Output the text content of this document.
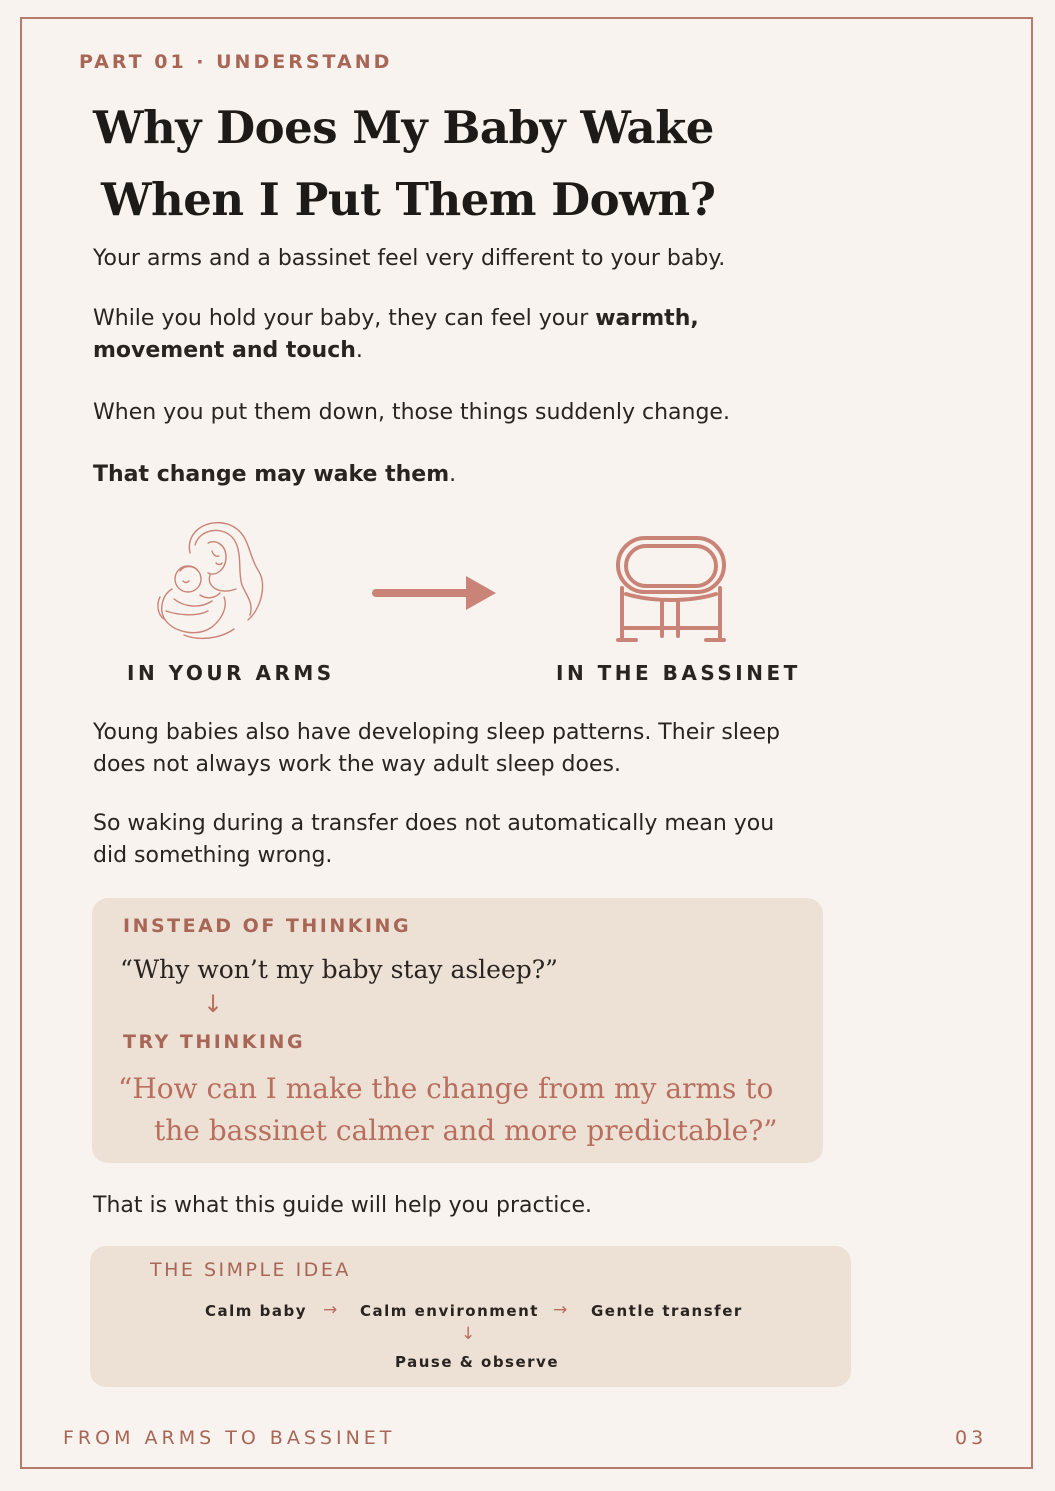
PART 01 · UNDERSTAND

Why Does My Baby Wake
When I Put Them Down?

Your arms and a bassinet feel very different to your baby.

While you hold your baby, they can feel your warmth, movement and touch.

When you put them down, those things suddenly change.

That change may wake them.

IN YOUR ARMS	IN THE BASSINET

Young babies also have developing sleep patterns. Their sleep does not always work the way adult sleep does.

So waking during a transfer does not automatically mean you did something wrong.

INSTEAD OF THINKING

“Why won’t my baby stay asleep?”

↓

TRY THINKING

“How can I make the change from my arms to

the bassinet calmer and more predictable?”

That is what this guide will help you practice.

THE SIMPLE IDEA

Calm baby → Calm environment → Gentle transfer

↓

Pause & observe

FROM ARMS TO BASSINET	03
